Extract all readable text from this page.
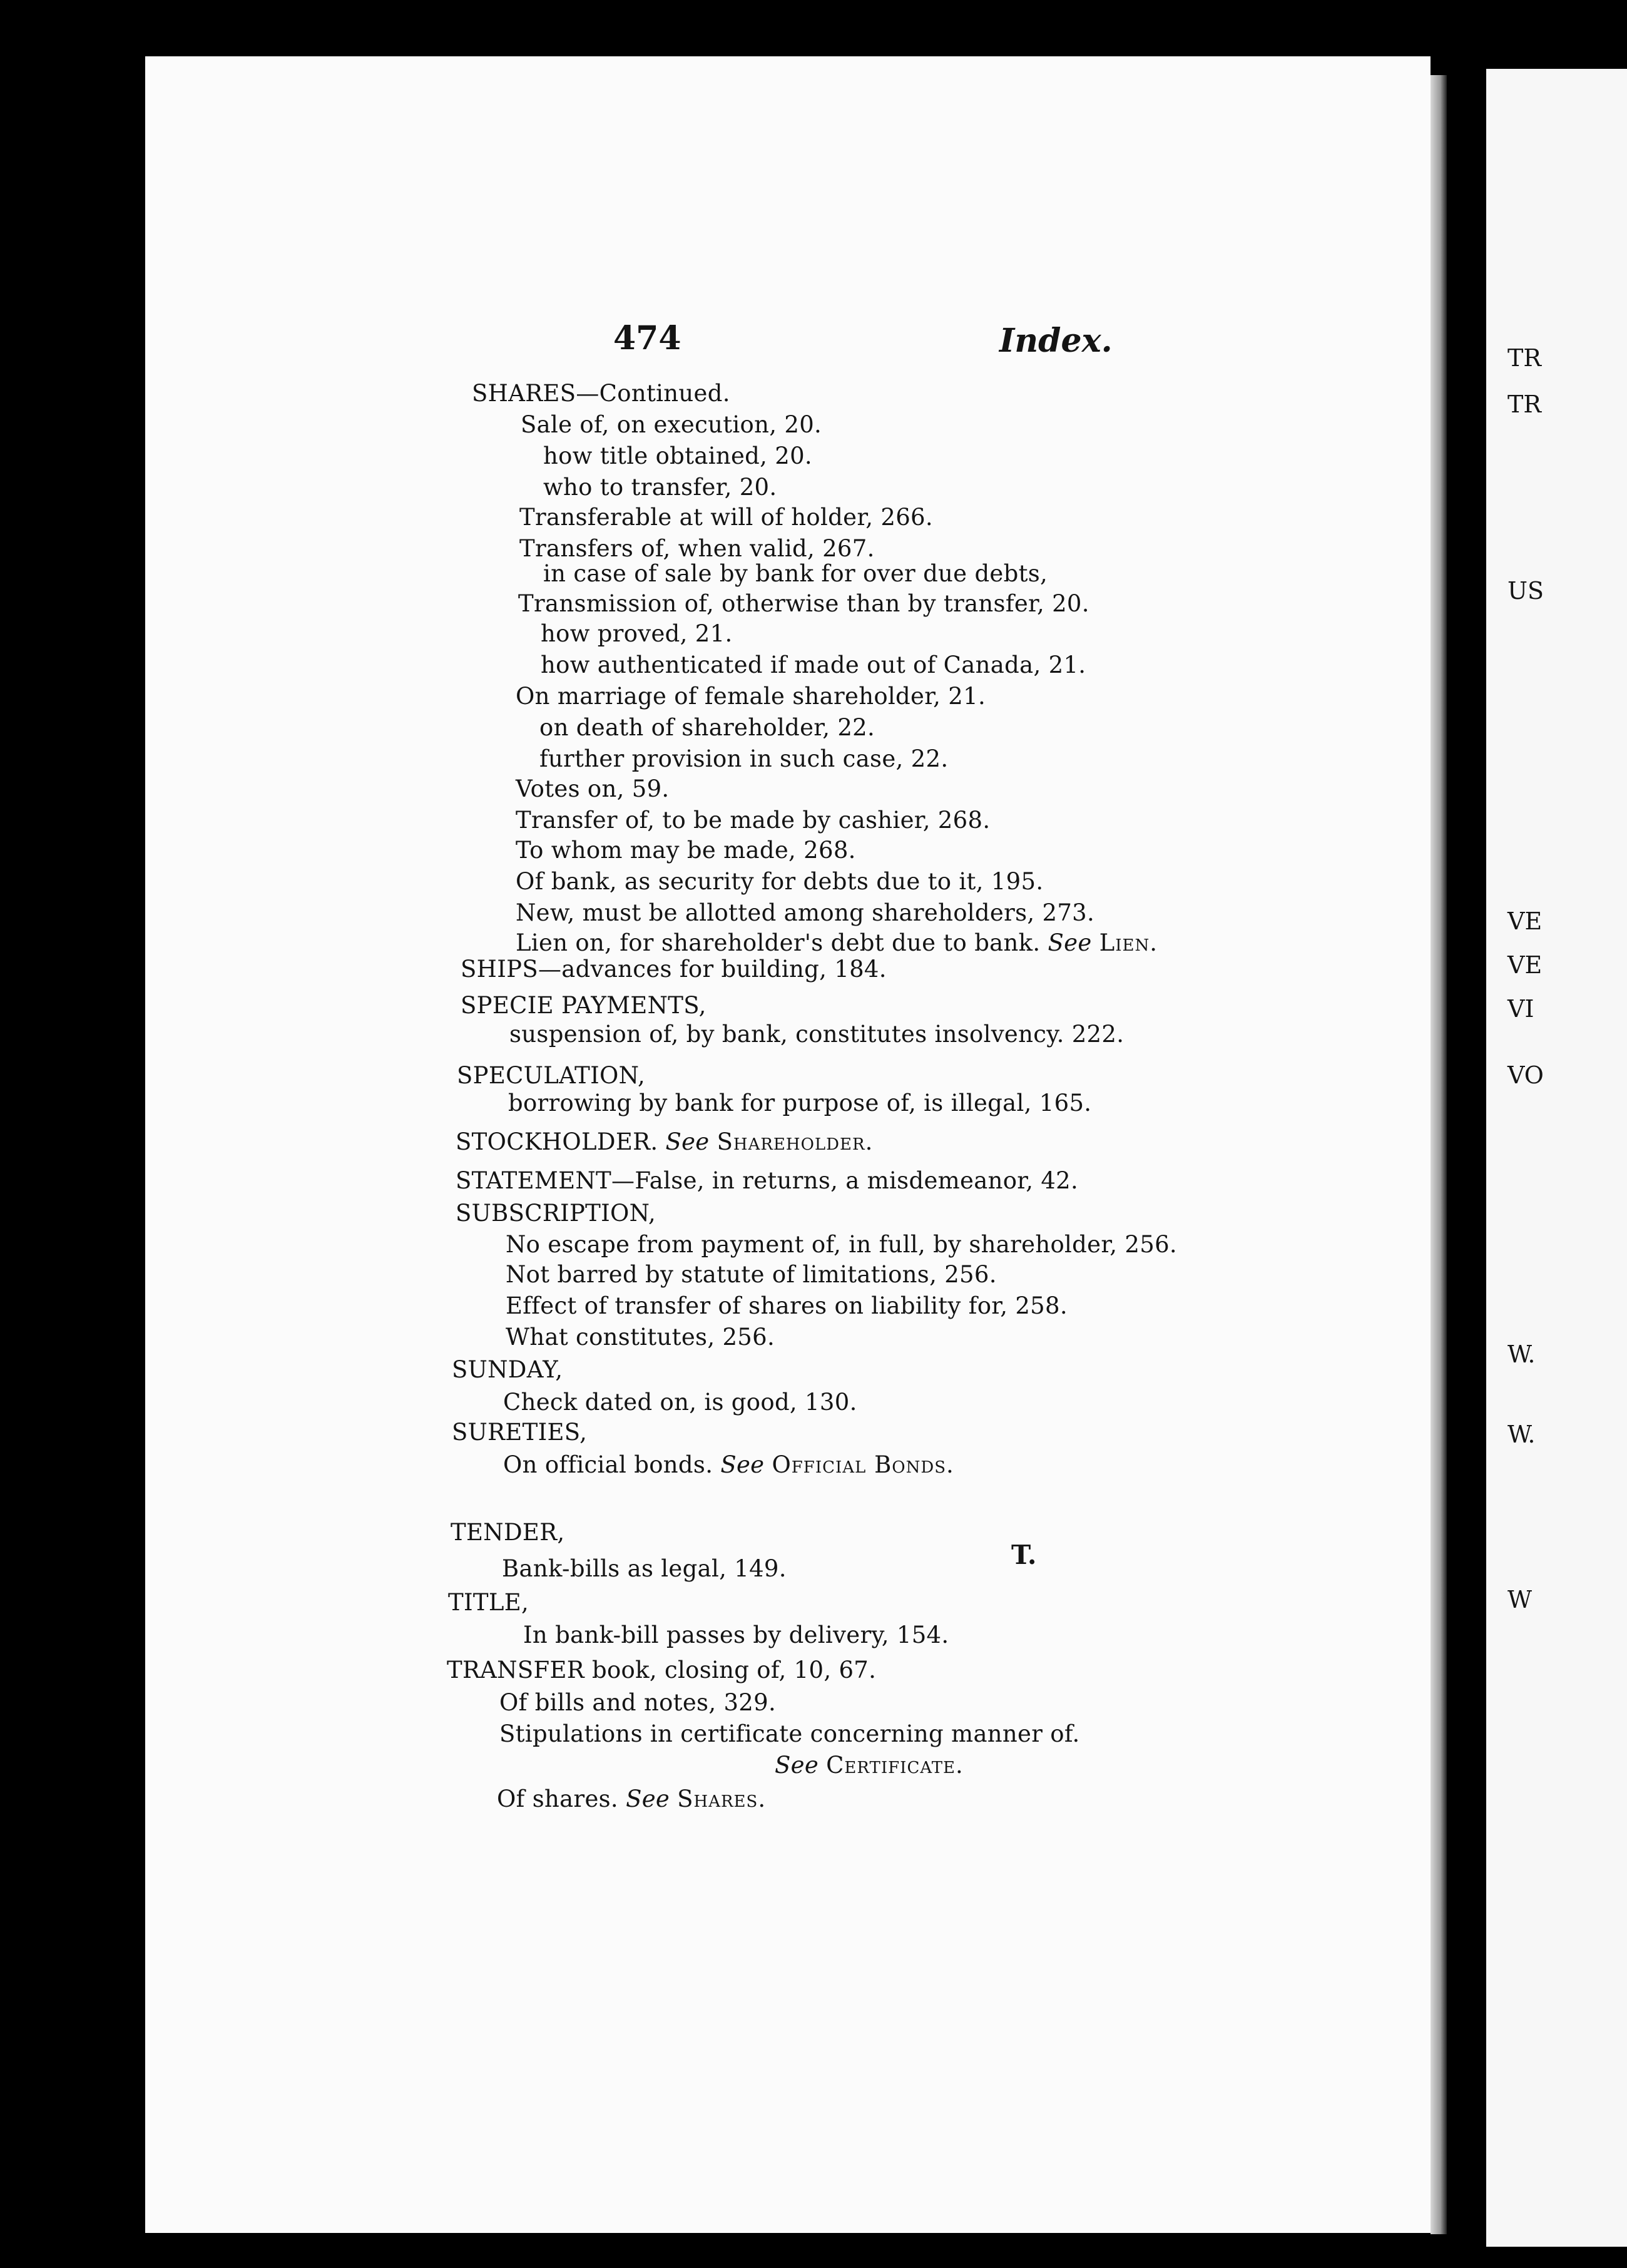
474	Index.
SHARES—Continued.
Sale of, on execution, 20.
how title obtained, 20.
who to transfer, 20.
Transferable at will of holder, 266.
Transfers of, when valid, 267.
in case of sale by bank for over due debts,
Transmission of, otherwise than by transfer, 20.
how proved, 21.
how authenticated if made out of Canada, 21.
On marriage of female shareholder, 21.
on death of shareholder, 22.
further provision in such case, 22.
Votes on, 59.
Transfer of, to be made by cashier, 268.
To whom may be made, 268.
Of bank, as security for debts due to it, 195.
New, must be allotted among shareholders, 273.
Lien on, for shareholder's debt due to bank. See Lien.
SHIPS—advances for building, 184.
SPECIE PAYMENTS,
suspension of, by bank, constitutes insolvency. 222.
SPECULATION,
borrowing by bank for purpose of, is illegal, 165.
STOCKHOLDER. See Shareholder.
STATEMENT—False, in returns, a misdemeanor, 42.
SUBSCRIPTION,
No escape from payment of, in full, by shareholder, 256.
Not barred by statute of limitations, 256.
Effect of transfer of shares on liability for, 258.
What constitutes, 256.
SUNDAY,
Check dated on, is good, 130.
SURETIES,
On official bonds. See Official Bonds.
TENDER,
Bank-bills as legal, 149.
TITLE,
In bank-bill passes by delivery, 154.
TRANSFER book, closing of, 10, 67.
Of bills and notes, 329.
Stipulations in certificate concerning manner of.
See Certificate.
Of shares. See Shares.
T.
TR
TR
US
VE
VE
VI
VO
W.
W.
W
